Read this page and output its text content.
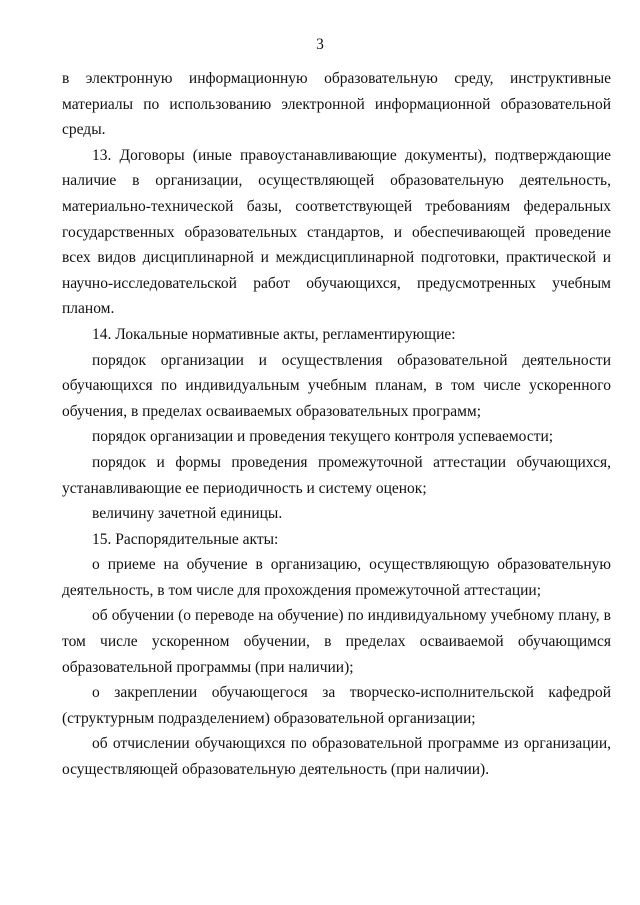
3

в электронную информационную образовательную среду, инструктивные материалы по использованию электронной информационной образовательной среды.

13. Договоры (иные правоустанавливающие документы), подтверждающие наличие в организации, осуществляющей образовательную деятельность, материально-технической базы, соответствующей требованиям федеральных государственных образовательных стандартов, и обеспечивающей проведение всех видов дисциплинарной и междисциплинарной подготовки, практической и научно-исследовательской работ обучающихся, предусмотренных учебным планом.

14. Локальные нормативные акты, регламентирующие:

порядок организации и осуществления образовательной деятельности обучающихся по индивидуальным учебным планам, в том числе ускоренного обучения, в пределах осваиваемых образовательных программ;

порядок организации и проведения текущего контроля успеваемости;

порядок и формы проведения промежуточной аттестации обучающихся, устанавливающие ее периодичность и систему оценок;

величину зачетной единицы.

15. Распорядительные акты:

о приеме на обучение в организацию, осуществляющую образовательную деятельность, в том числе для прохождения промежуточной аттестации;

об обучении (о переводе на обучение) по индивидуальному учебному плану, в том числе ускоренном обучении, в пределах осваиваемой обучающимся образовательной программы (при наличии);

о закреплении обучающегося за творческо-исполнительской кафедрой (структурным подразделением) образовательной организации;

об отчислении обучающихся по образовательной программе из организации, осуществляющей образовательную деятельность (при наличии).
